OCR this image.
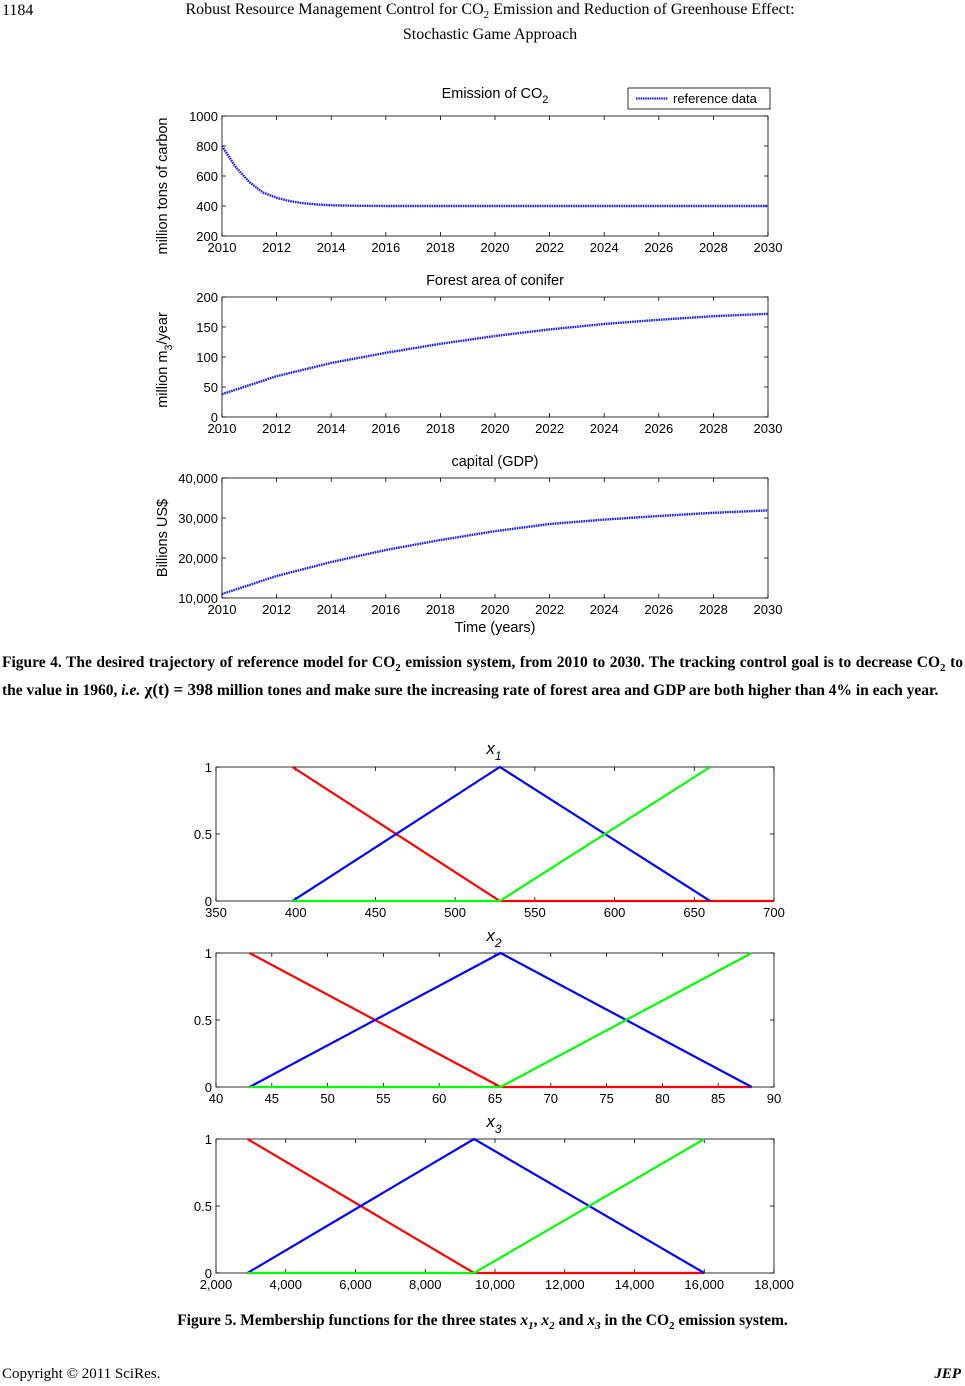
1184	Robust Resource Management Control for $CO_2$ Emission and Reduction of Greenhouse Effect:
Stochastic Game Approach
2010 2012 2014 2016 2018 2020 2022 2024 2026 2028 2030
200
400
600
800
1000
Emission of $CO_2$
million tons of carbon
reference data
2010 2012 2014 2016 2018 2020 2022 2024 2026 2028 2030
0
50
100
150
200
Forest area of conifer
million $m_3$/year
2010 2012 2014 2016 2018 2020 2022 2024 2026 2028 2030
10,000
20,000
30,000
40,000
capital (GDP)
Billions US$
Time (years)
350	400	450	500	550	600	650	700
0
0.5
1
$x_1$
40	45	50	55	60	65	70	75	80	85	90
0
0.5
1
$x_2$
2,000	4,000	6,000	8,000	10,000 12,000 14,000 16,000 18,000
0
0.5
1
$x_3$
Figure 4. The desired trajectory of reference model for $CO_2$ emission system, from 2010 to 2030. The tracking control goal is to decrease $CO_2$ to the value in 1960, i.e. χ(t) = 398 million tones and make sure the increasing rate of forest area and GDP are both higher than 4% in each year.
Figure 5. Membership functions for the three states $x_1$, $x_2$ and $x_3$ in the $CO_2$ emission system.
Copyright © 2011 SciRes.	JEP
